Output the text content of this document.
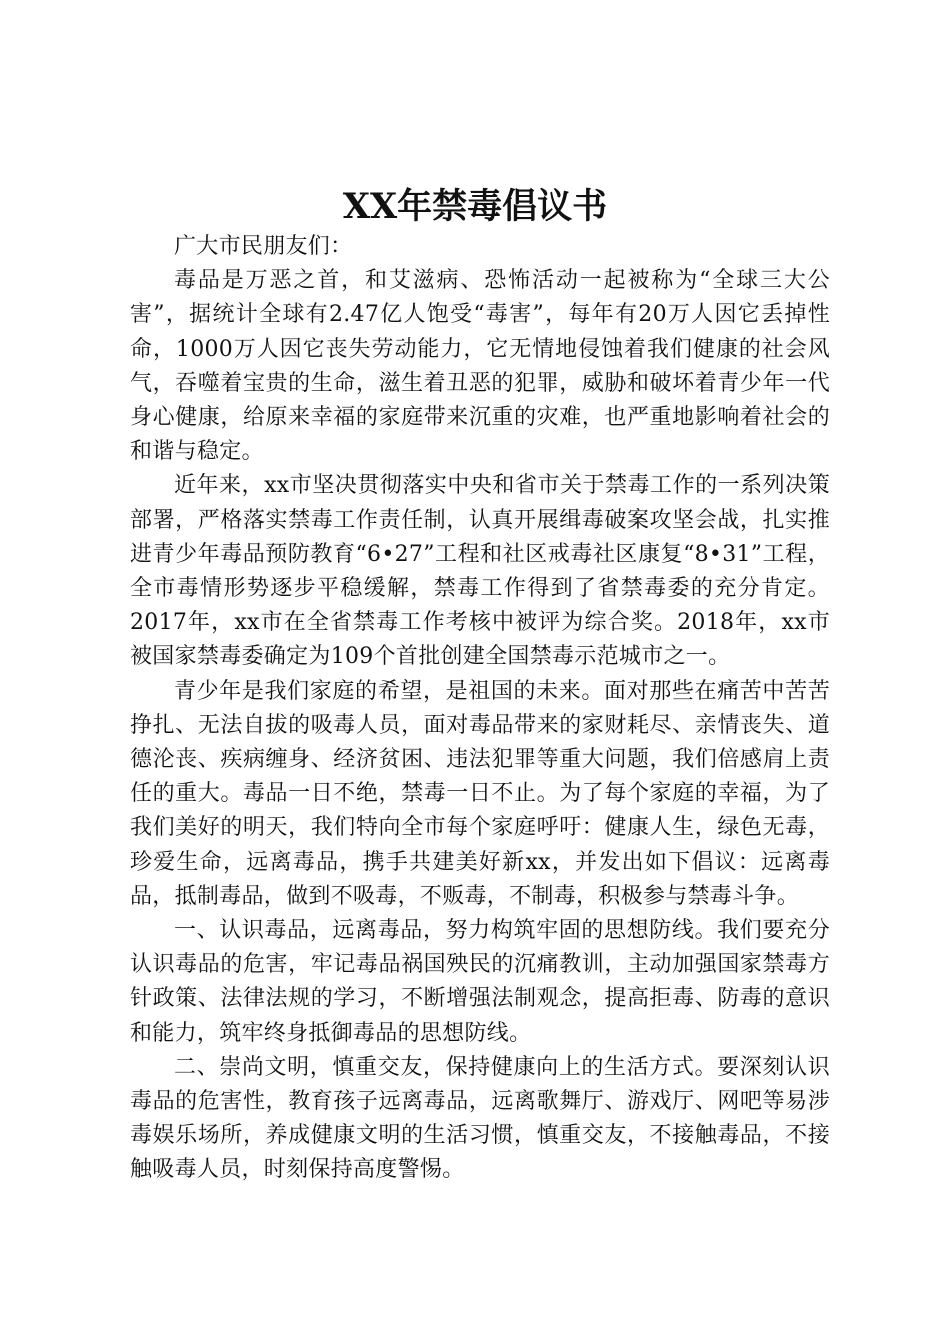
XX年禁毒倡议书

广大市民朋友们：

毒品是万恶之首，和艾滋病、恐怖活动一起被称为“全球三大公害”，据统计全球有2.47亿人饱受“毒害”，每年有20万人因它丢掉性命，1000万人因它丧失劳动能力，它无情地侵蚀着我们健康的社会风气，吞噬着宝贵的生命，滋生着丑恶的犯罪，威胁和破坏着青少年一代身心健康，给原来幸福的家庭带来沉重的灾难，也严重地影响着社会的和谐与稳定。

近年来，xx市坚决贯彻落实中央和省市关于禁毒工作的一系列决策部署，严格落实禁毒工作责任制，认真开展缉毒破案攻坚会战，扎实推进青少年毒品预防教育“6•27”工程和社区戒毒社区康复“8•31”工程，全市毒情形势逐步平稳缓解，禁毒工作得到了省禁毒委的充分肯定。2017年，xx市在全省禁毒工作考核中被评为综合奖。2018年，xx市被国家禁毒委确定为109个首批创建全国禁毒示范城市之一。

青少年是我们家庭的希望，是祖国的未来。面对那些在痛苦中苦苦挣扎、无法自拔的吸毒人员，面对毒品带来的家财耗尽、亲情丧失、道德沦丧、疾病缠身、经济贫困、违法犯罪等重大问题，我们倍感肩上责任的重大。毒品一日不绝，禁毒一日不止。为了每个家庭的幸福，为了我们美好的明天，我们特向全市每个家庭呼吁：健康人生，绿色无毒，珍爱生命，远离毒品，携手共建美好新xx，并发出如下倡议：远离毒品，抵制毒品，做到不吸毒，不贩毒，不制毒，积极参与禁毒斗争。

一、认识毒品，远离毒品，努力构筑牢固的思想防线。我们要充分认识毒品的危害，牢记毒品祸国殃民的沉痛教训，主动加强国家禁毒方针政策、法律法规的学习，不断增强法制观念，提高拒毒、防毒的意识和能力，筑牢终身抵御毒品的思想防线。

二、崇尚文明，慎重交友，保持健康向上的生活方式。要深刻认识毒品的危害性，教育孩子远离毒品，远离歌舞厅、游戏厅、网吧等易涉毒娱乐场所，养成健康文明的生活习惯，慎重交友，不接触毒品，不接触吸毒人员，时刻保持高度警惕。
